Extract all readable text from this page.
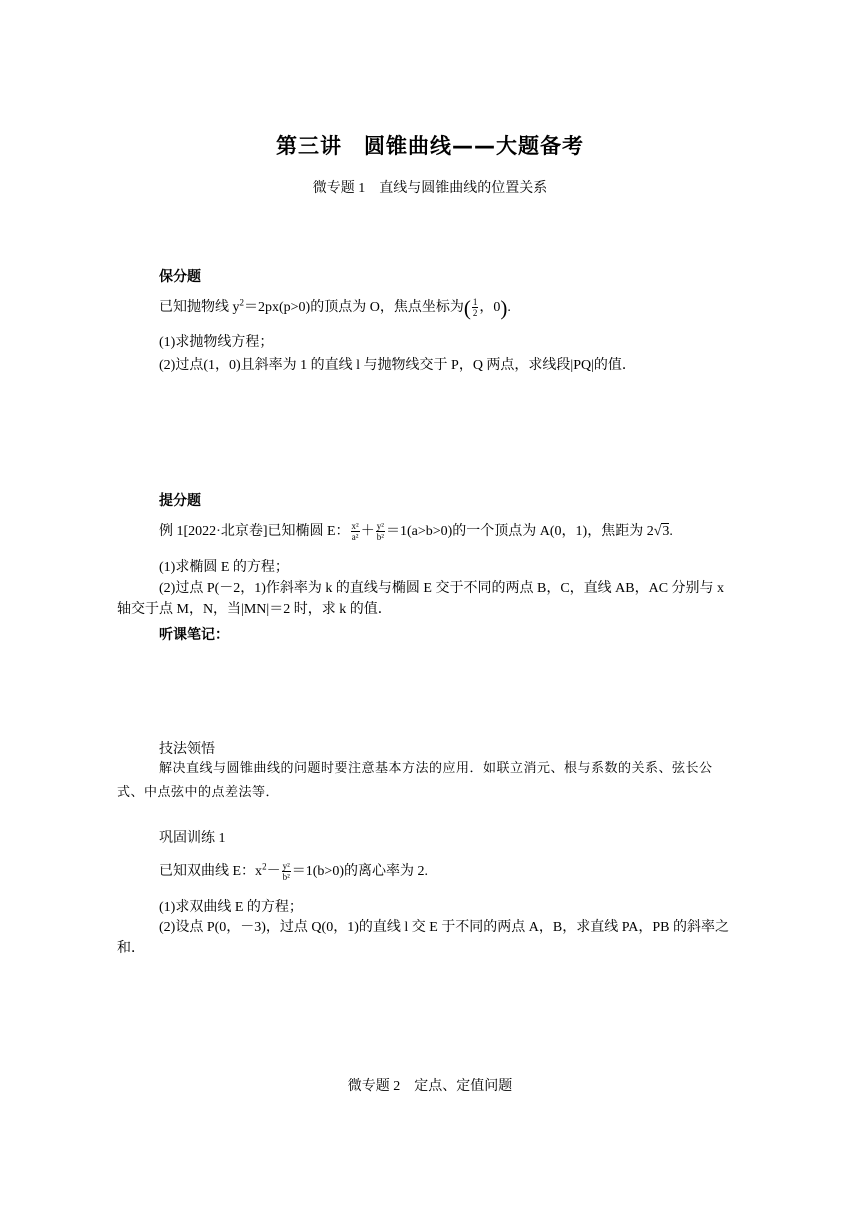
第三讲　圆锥曲线——大题备考
微专题 1　直线与圆锥曲线的位置关系
保分题
已知抛物线 $y^2=2px(p>0)$的顶点为 O，焦点坐标为( $\frac{1}{2}$ ，0).
(1)求抛物线方程；
(2)过点(1，0)且斜率为 1 的直线 l 与抛物线交于 P，Q 两点，求线段|PQ|的值．
提分题
例 1[2022·北京卷]已知椭圆 E： $\frac{\text{x²}}{\text{a²}} + \frac{\text{y²}}{\text{b²}} =1(a>b>0)$的一个顶点为 A(0，1)，焦距为 2√3.
(1)求椭圆 E 的方程；
(2)过点 P(－2，1)作斜率为 k 的直线与椭圆 E 交于不同的两点 B，C，直线 AB，AC 分别与 x 轴交于点 M，N，当|MN|＝2 时，求 k 的值．
听课笔记：
技法领悟
解决直线与圆锥曲线的问题时要注意基本方法的应用．如联立消元、根与系数的关系、弦长公式、中点弦中的点差法等．
巩固训练 1
已知双曲线 E：$x^2- \frac{\text{y²}}{\text{b²}} =1(b>0)$的离心率为 2.
(1)求双曲线 E 的方程；
(2)设点 P(0，－3)，过点 Q(0，1)的直线 l 交 E 于不同的两点 A，B，求直线 PA，PB 的斜率之和．
微专题 2　定点、定值问题
